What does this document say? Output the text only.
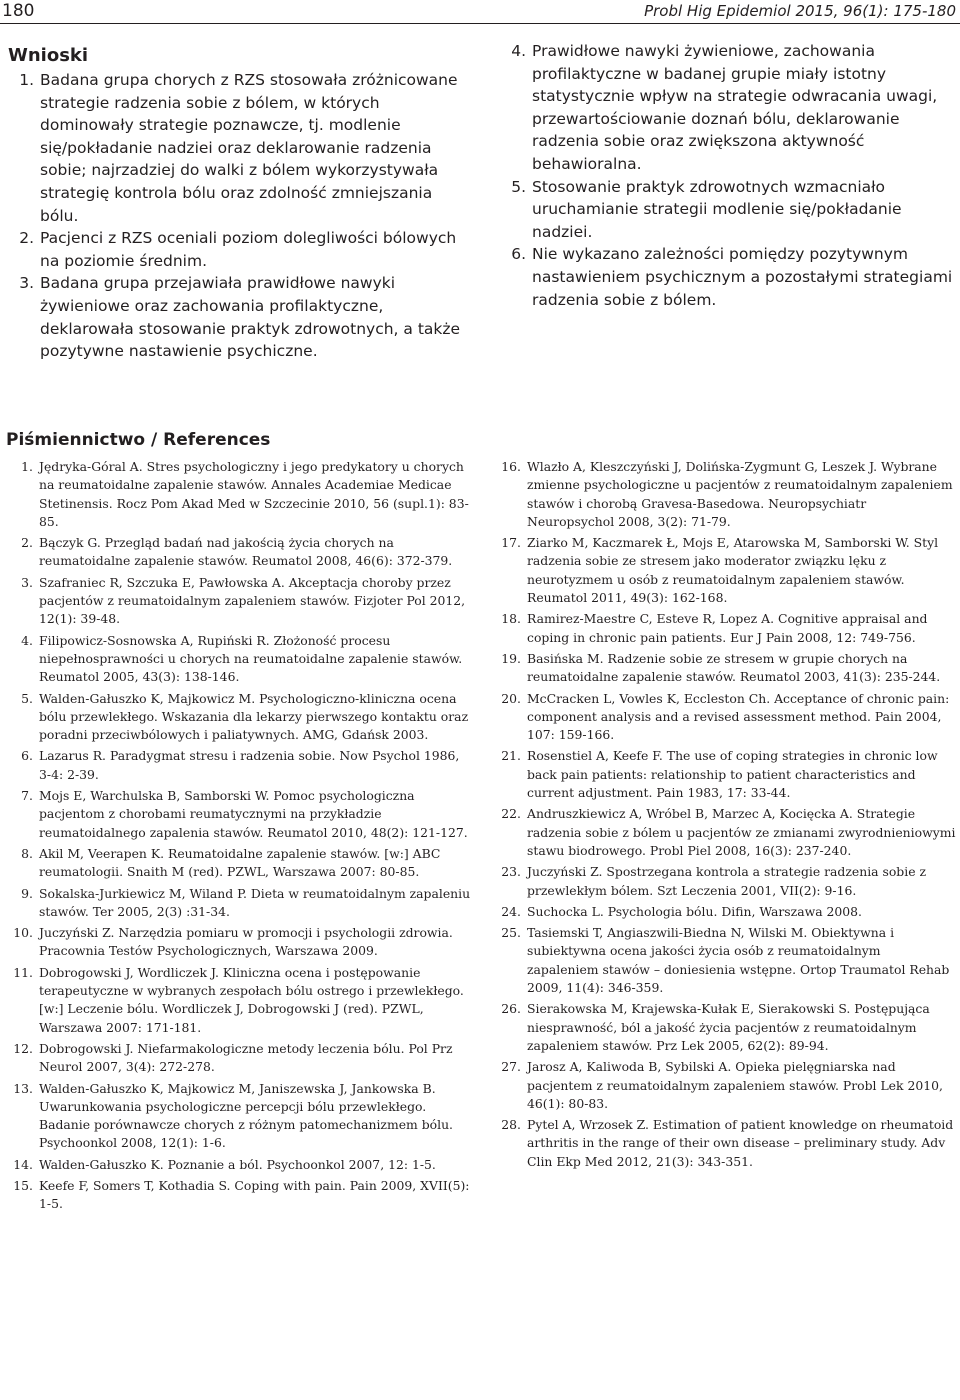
180	Probl Hig Epidemiol 2015, 96(1): 175-180
Wnioski
1. Badana grupa chorych z RZS stosowała zróżnicowane strategie radzenia sobie z bólem, w których dominowały strategie poznawcze, tj. modlenie się/pokładanie nadziei oraz deklarowanie radzenia sobie; najrzadziej do walki z bólem wykorzystywała strategię kontrola bólu oraz zdolność zmniejszania bólu.
2. Pacjenci z RZS oceniali poziom dolegliwości bólowych na poziomie średnim.
3. Badana grupa przejawiała prawidłowe nawyki żywieniowe oraz zachowania profilaktyczne, deklarowała stosowanie praktyk zdrowotnych, a także pozytywne nastawienie psychiczne.
4. Prawidłowe nawyki żywieniowe, zachowania profilaktyczne w badanej grupie miały istotny statystycznie wpływ na strategie odwracania uwagi, przewartościowanie doznań bólu, deklarowanie radzenia sobie oraz zwiększona aktywność behawioralna.
5. Stosowanie praktyk zdrowotnych wzmacniało uruchamianie strategii modlenie się/pokładanie nadziei.
6. Nie wykazano zależności pomiędzy pozytywnym nastawieniem psychicznym a pozostałymi strategiami radzenia sobie z bólem.
Piśmiennictwo / References
1. Jędryka-Góral A. Stres psychologiczny i jego predykatory u chorych na reumatoidalne zapalenie stawów. Annales Academiae Medicae Stetinensis. Rocz Pom Akad Med w Szczecinie 2010, 56 (supl.1): 83-85.
2. Bączyk G. Przegląd badań nad jakością życia chorych na reumatoidalne zapalenie stawów. Reumatol 2008, 46(6): 372-379.
3. Szafraniec R, Szczuka E, Pawłowska A. Akceptacja choroby przez pacjentów z reumatoidalnym zapaleniem stawów. Fizjoter Pol 2012, 12(1): 39-48.
4. Filipowicz-Sosnowska A, Rupiński R. Złożoność procesu niepełnosprawności u chorych na reumatoidalne zapalenie stawów. Reumatol 2005, 43(3): 138-146.
5. Walden-Gałuszko K, Majkowicz M. Psychologiczno-kliniczna ocena bólu przewlekłego. Wskazania dla lekarzy pierwszego kontaktu oraz poradni przeciwbólowych i paliatywnych. AMG, Gdańsk 2003.
6. Lazarus R. Paradygmat stresu i radzenia sobie. Now Psychol 1986, 3-4: 2-39.
7. Mojs E, Warchulska B, Samborski W. Pomoc psychologiczna pacjentom z chorobami reumatycznymi na przykładzie reumatoidalnego zapalenia stawów. Reumatol 2010, 48(2): 121-127.
8. Akil M, Veerapen K. Reumatoidalne zapalenie stawów. [w:] ABC reumatologii. Snaith M (red). PZWL, Warszawa 2007: 80-85.
9. Sokalska-Jurkiewicz M, Wiland P. Dieta w reumatoidalnym zapaleniu stawów. Ter 2005, 2(3) :31-34.
10. Juczyński Z. Narzędzia pomiaru w promocji i psychologii zdrowia. Pracownia Testów Psychologicznych, Warszawa 2009.
11. Dobrogowski J, Wordliczek J. Kliniczna ocena i postępowanie terapeutyczne w wybranych zespołach bólu ostrego i przewlekłego. [w:] Leczenie bólu. Wordliczek J, Dobrogowski J (red). PZWL, Warszawa 2007: 171-181.
12. Dobrogowski J. Niefarmakologiczne metody leczenia bólu. Pol Prz Neurol 2007, 3(4): 272-278.
13. Walden-Gałuszko K, Majkowicz M, Janiszewska J, Jankowska B. Uwarunkowania psychologiczne percepcji bólu przewlekłego. Badanie porównawcze chorych z różnym patomechanizmem bólu. Psychoonkol 2008, 12(1): 1-6.
14. Walden-Gałuszko K. Poznanie a ból. Psychoonkol 2007, 12: 1-5.
15. Keefe F, Somers T, Kothadia S. Coping with pain. Pain 2009, XVII(5): 1-5.
16. Wlazło A, Kleszczyński J, Dolińska-Zygmunt G, Leszek J. Wybrane zmienne psychologiczne u pacjentów z reumatoidalnym zapaleniem stawów i chorobą Gravesa-Basedowa. Neuropsychiatr Neuropsychol 2008, 3(2): 71-79.
17. Ziarko M, Kaczmarek Ł, Mojs E, Atarowska M, Samborski W. Styl radzenia sobie ze stresem jako moderator związku lęku z neurotyzmem u osób z reumatoidalnym zapaleniem stawów. Reumatol 2011, 49(3): 162-168.
18. Ramirez-Maestre C, Esteve R, Lopez A. Cognitive appraisal and coping in chronic pain patients. Eur J Pain 2008, 12: 749-756.
19. Basińska M. Radzenie sobie ze stresem w grupie chorych na reumatoidalne zapalenie stawów. Reumatol 2003, 41(3): 235-244.
20. McCracken L, Vowles K, Eccleston Ch. Acceptance of chronic pain: component analysis and a revised assessment method. Pain 2004, 107: 159-166.
21. Rosenstiel A, Keefe F. The use of coping strategies in chronic low back pain patients: relationship to patient characteristics and current adjustment. Pain 1983, 17: 33-44.
22. Andruszkiewicz A, Wróbel B, Marzec A, Kocięcka A. Strategie radzenia sobie z bólem u pacjentów ze zmianami zwyrodnieniowymi stawu biodrowego. Probl Piel 2008, 16(3): 237-240.
23. Juczyński Z. Spostrzegana kontrola a strategie radzenia sobie z przewlekłym bólem. Szt Leczenia 2001, VII(2): 9-16.
24. Suchocka L. Psychologia bólu. Difin, Warszawa 2008.
25. Tasiemski T, Angiaszwili-Biedna N, Wilski M. Obiektywna i subiektywna ocena jakości życia osób z reumatoidalnym zapaleniem stawów – doniesienia wstępne. Ortop Traumatol Rehab 2009, 11(4): 346-359.
26. Sierakowska M, Krajewska-Kułak E, Sierakowski S. Postępująca niesprawność, ból a jakość życia pacjentów z reumatoidalnym zapaleniem stawów. Prz Lek 2005, 62(2): 89-94.
27. Jarosz A, Kaliwoda B, Sybilski A. Opieka pielęgniarska nad pacjentem z reumatoidalnym zapaleniem stawów. Probl Lek 2010, 46(1): 80-83.
28. Pytel A, Wrzosek Z. Estimation of patient knowledge on rheumatoid arthritis in the range of their own disease – preliminary study. Adv Clin Ekp Med 2012, 21(3): 343-351.
